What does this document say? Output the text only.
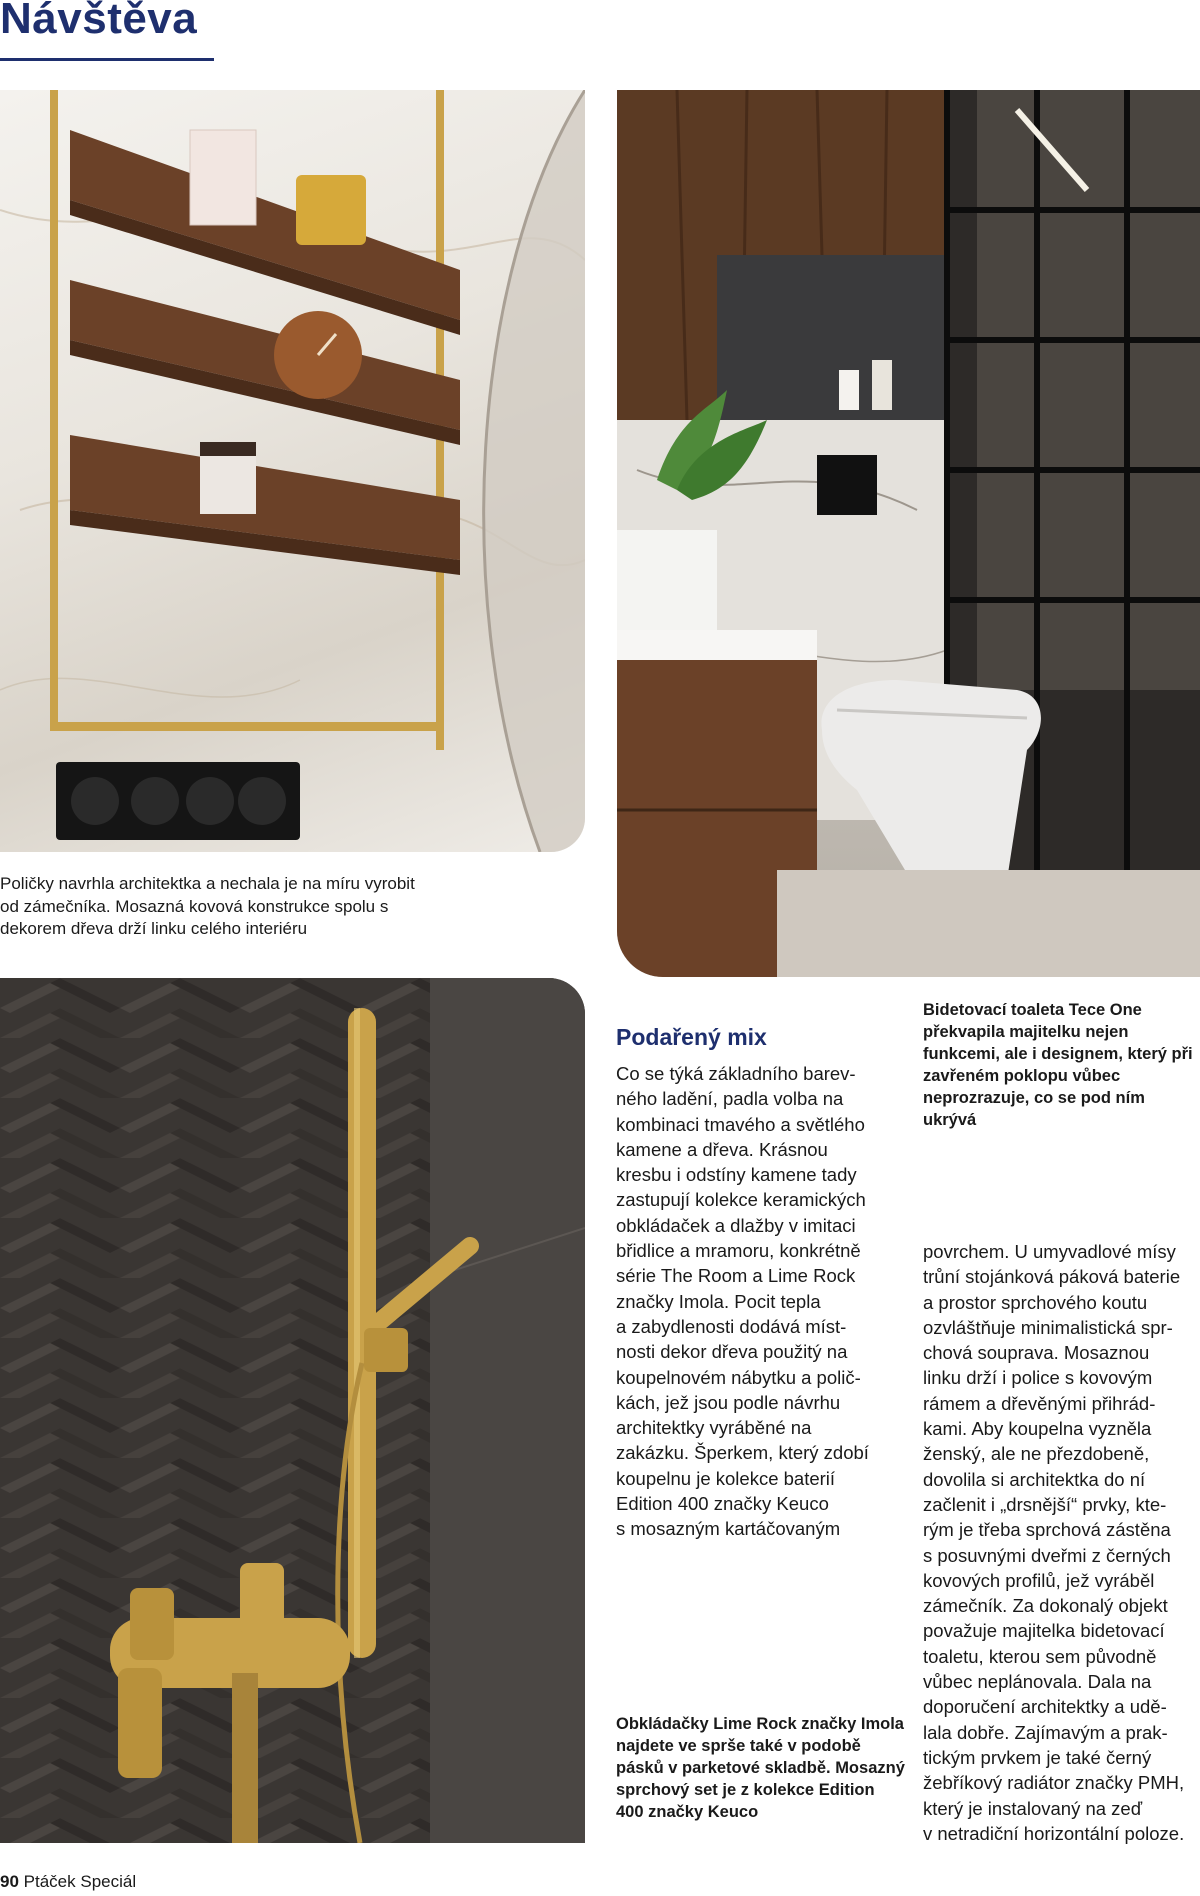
Návštěva
Poličky navrhla architektka a nechala je na míru vyrobit od zámečníka. Mosazná kovová konstrukce spolu s dekorem dřeva drží linku celého interiéru
Bidetovací toaleta Tece One překvapila majitelku nejen funkcemi, ale i designem, který při zavřeném poklopu vůbec neprozrazuje, co se pod ním ukrývá
Obkládačky Lime Rock značky Imola najdete ve sprše také v podobě pásků v parketové skladbě. Mosazný sprchový set je z kolekce Edition 400 značky Keuco
Podařený mix
Co se týká základního barev-
ného ladění, padla volba na
kombinaci tmavého a světlého
kamene a dřeva. Krásnou
kresbu i odstíny kamene tady
zastupují kolekce keramických
obkládaček a dlažby v imitaci
břidlice a mramoru, konkrétně
série The Room a Lime Rock
značky Imola. Pocit tepla
a zabydlenosti dodává míst-
nosti dekor dřeva použitý na
koupelnovém nábytku a polič-
kách, jež jsou podle návrhu
architektky vyráběné na
zakázku. Šperkem, který zdobí
koupelnu je kolekce baterií
Edition 400 značky Keuco
s mosazným kartáčovaným
povrchem. U umyvadlové mísy
trůní stojánková páková baterie
a prostor sprchového koutu
ozvláštňuje minimalistická spr-
chová souprava. Mosaznou
linku drží i police s kovovým
rámem a dřevěnými přihrád-
kami. Aby koupelna vyzněla
ženský, ale ne přezdobeně,
dovolila si architektka do ní
začlenit i „drsnější“ prvky, kte-
rým je třeba sprchová zástěna
s posuvnými dveřmi z černých
kovových profilů, jež vyráběl
zámečník. Za dokonalý objekt
považuje majitelka bidetovací
toaletu, kterou sem původně
vůbec neplánovala. Dala na
doporučení architektky a udě-
lala dobře. Zajímavým a prak-
tickým prvkem je také černý
žebříkový radiátor značky PMH,
který je instalovaný na zeď
v netradiční horizontální poloze.
90 Ptáček Speciál
